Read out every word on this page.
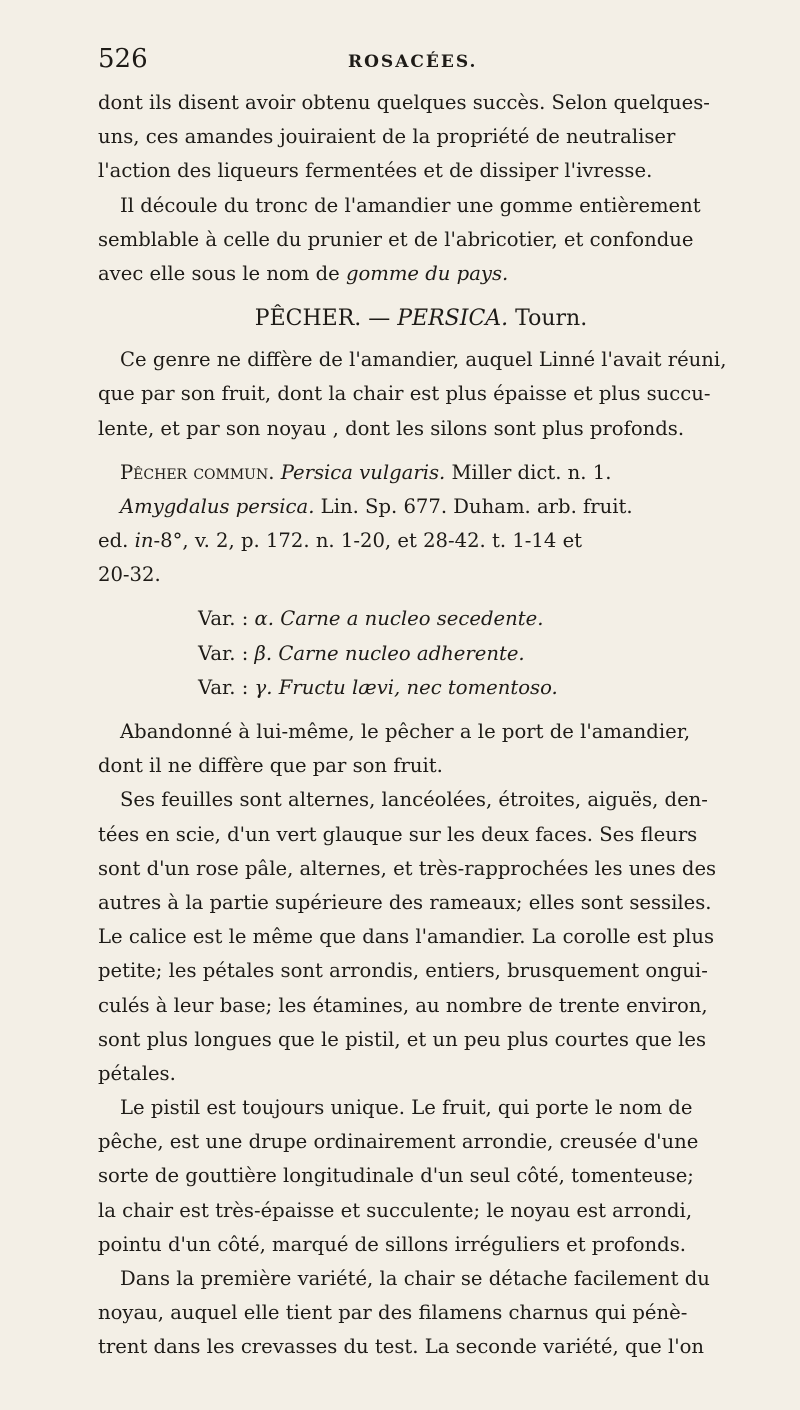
526	ROSACÉES.
dont ils disent avoir obtenu quelques succès. Selon quelques-
uns, ces amandes jouiraient de la propriété de neutraliser
l'action des liqueurs fermentées et de dissiper l'ivresse.
Il découle du tronc de l'amandier une gomme entièrement
semblable à celle du prunier et de l'abricotier, et confondue
avec elle sous le nom de gomme du pays.
PÊCHER. — PERSICA. Tourn.
Ce genre ne diffère de l'amandier, auquel Linné l'avait réuni,
que par son fruit, dont la chair est plus épaisse et plus succu-
lente, et par son noyau , dont les silons sont plus profonds.
Pêcher commun. Persica vulgaris. Miller dict. n. 1.
Amygdalus persica. Lin. Sp. 677. Duham. arb. fruit.
ed. in-8°, v. 2, p. 172. n. 1-20, et 28-42. t. 1-14 et
20-32.
Var. : α. Carne a nucleo secedente.
Var. : β. Carne nucleo adherente.
Var. : γ. Fructu lævi, nec tomentoso.
Abandonné à lui-même, le pêcher a le port de l'amandier,
dont il ne diffère que par son fruit.
Ses feuilles sont alternes, lancéolées, étroites, aiguës, den-
tées en scie, d'un vert glauque sur les deux faces. Ses fleurs
sont d'un rose pâle, alternes, et très-rapprochées les unes des
autres à la partie supérieure des rameaux; elles sont sessiles.
Le calice est le même que dans l'amandier. La corolle est plus
petite; les pétales sont arrondis, entiers, brusquement ongui-
culés à leur base; les étamines, au nombre de trente environ,
sont plus longues que le pistil, et un peu plus courtes que les
pétales.
Le pistil est toujours unique. Le fruit, qui porte le nom de
pêche, est une drupe ordinairement arrondie, creusée d'une
sorte de gouttière longitudinale d'un seul côté, tomenteuse;
la chair est très-épaisse et succulente; le noyau est arrondi,
pointu d'un côté, marqué de sillons irréguliers et profonds.
Dans la première variété, la chair se détache facilement du
noyau, auquel elle tient par des filamens charnus qui pénè-
trent dans les crevasses du test. La seconde variété, que l'on
